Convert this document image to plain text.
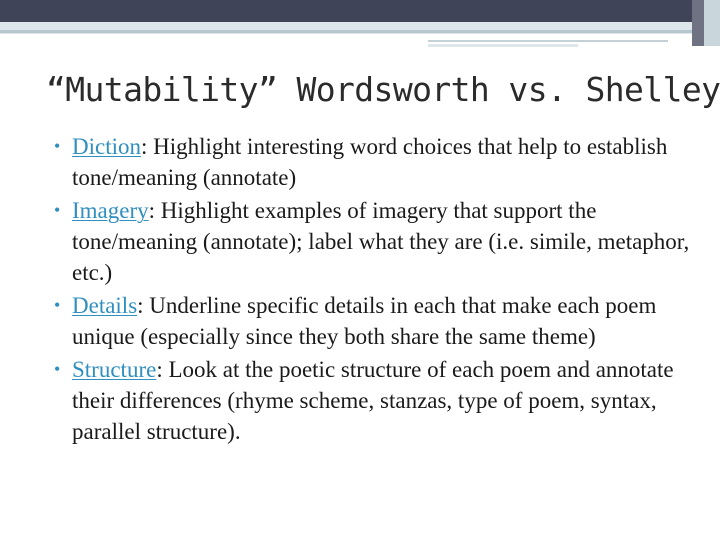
“Mutability” Wordsworth vs. Shelley
• Diction: Highlight interesting word choices that help to establish tone/meaning (annotate)
• Imagery: Highlight examples of imagery that support the tone/meaning (annotate); label what they are (i.e. simile, metaphor, etc.)
• Details: Underline specific details in each that make each poem unique (especially since they both share the same theme)
• Structure: Look at the poetic structure of each poem and annotate their differences (rhyme scheme, stanzas, type of poem, syntax, parallel structure).
